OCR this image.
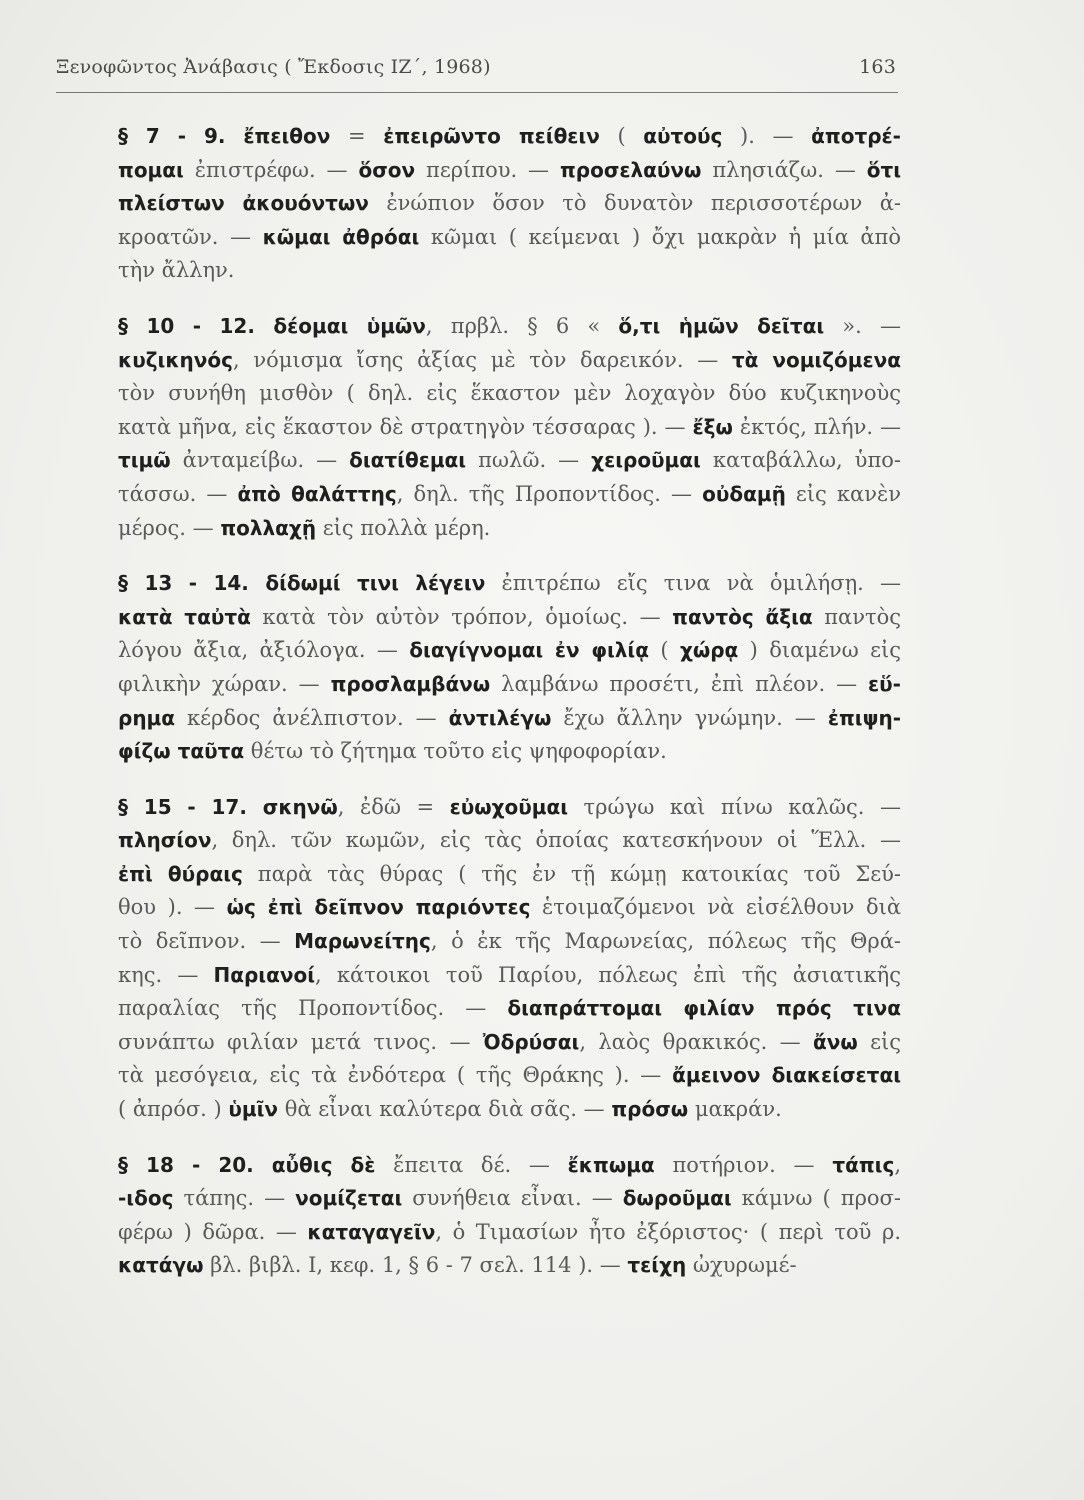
Ξενοφῶντος Ἀνάβασις ( Ἔκδοσις ΙΖ΄, 1968)	163
§ 7 - 9. ἔπειθον = ἐπειρῶντο πείθειν ( αὐτούς ). — ἀποτρέ-
πομαι ἐπιστρέφω. — ὅσον περίπου. — προσελαύνω πλησιάζω. — ὅτι
πλείστων ἀκουόντων ἐνώπιον ὅσον τὸ δυνατὸν περισσοτέρων ἀ-
κροατῶν. — κῶμαι ἀθρόαι κῶμαι ( κείμεναι ) ὄχι μακρὰν ἡ μία ἀπὸ
τὴν ἄλλην.
§ 10 - 12. δέομαι ὑμῶν, πρβλ. § 6 « ὅ,τι ἡμῶν δεῖται ». —
κυζικηνός, νόμισμα ἴσης ἀξίας μὲ τὸν δαρεικόν. — τὰ νομιζόμενα
τὸν συνήθη μισθὸν ( δηλ. εἰς ἕκαστον μὲν λοχαγὸν δύο κυζικηνοὺς
κατὰ μῆνα, εἰς ἕκαστον δὲ στρατηγὸν τέσσαρας ). — ἔξω ἐκτός, πλήν. —
τιμῶ ἀνταμείβω. — διατίθεμαι πωλῶ. — χειροῦμαι καταβάλλω, ὑπο-
τάσσω. — ἀπὸ θαλάττης, δηλ. τῆς Προποντίδος. — οὐδαμῇ εἰς κανὲν
μέρος. — πολλαχῇ εἰς πολλὰ μέρη.
§ 13 - 14. δίδωμί τινι λέγειν ἐπιτρέπω εἴς τινα νὰ ὁμιλήσῃ. —
κατὰ ταὐτὰ κατὰ τὸν αὐτὸν τρόπον, ὁμοίως. — παντὸς ἄξια παντὸς
λόγου ἄξια, ἀξιόλογα. — διαγίγνομαι ἐν φιλίᾳ ( χώρᾳ ) διαμένω εἰς
φιλικὴν χώραν. — προσλαμβάνω λαμβάνω προσέτι, ἐπὶ πλέον. — εὕ-
ρημα κέρδος ἀνέλπιστον. — ἀντιλέγω ἔχω ἄλλην γνώμην. — ἐπιψη-
φίζω ταῦτα θέτω τὸ ζήτημα τοῦτο εἰς ψηφοφορίαν.
§ 15 - 17. σκηνῶ, ἐδῶ = εὐωχοῦμαι τρώγω καὶ πίνω καλῶς. —
πλησίον, δηλ. τῶν κωμῶν, εἰς τὰς ὁποίας κατεσκήνουν οἱ Ἕλλ. —
ἐπὶ θύραις παρὰ τὰς θύρας ( τῆς ἐν τῇ κώμῃ κατοικίας τοῦ Σεύ-
θου ). — ὡς ἐπὶ δεῖπνον παριόντες ἑτοιμαζόμενοι νὰ εἰσέλθουν διὰ
τὸ δεῖπνον. — Μαρωνείτης, ὁ ἐκ τῆς Μαρωνείας, πόλεως τῆς Θρά-
κης. — Παριανοί, κάτοικοι τοῦ Παρίου, πόλεως ἐπὶ τῆς ἀσιατικῆς
παραλίας τῆς Προποντίδος. — διαπράττομαι φιλίαν πρός τινα
συνάπτω φιλίαν μετά τινος. — Ὀδρύσαι, λαὸς θρακικός. — ἄνω εἰς
τὰ μεσόγεια, εἰς τὰ ἐνδότερα ( τῆς Θράκης ). — ἄμεινον διακείσεται
( ἀπρόσ. ) ὑμῖν θὰ εἶναι καλύτερα διὰ σᾶς. — πρόσω μακράν.
§ 18 - 20. αὖθις δὲ ἔπειτα δέ. — ἔκπωμα ποτήριον. — τάπις,
-ιδος τάπης. — νομίζεται συνήθεια εἶναι. — δωροῦμαι κάμνω ( προσ-
φέρω ) δῶρα. — καταγαγεῖν, ὁ Τιμασίων ἦτο ἐξόριστος· ( περὶ τοῦ ρ.
κατάγω βλ. βιβλ. Ι, κεφ. 1, § 6 - 7 σελ. 114 ). — τείχη ὠχυρωμέ-
